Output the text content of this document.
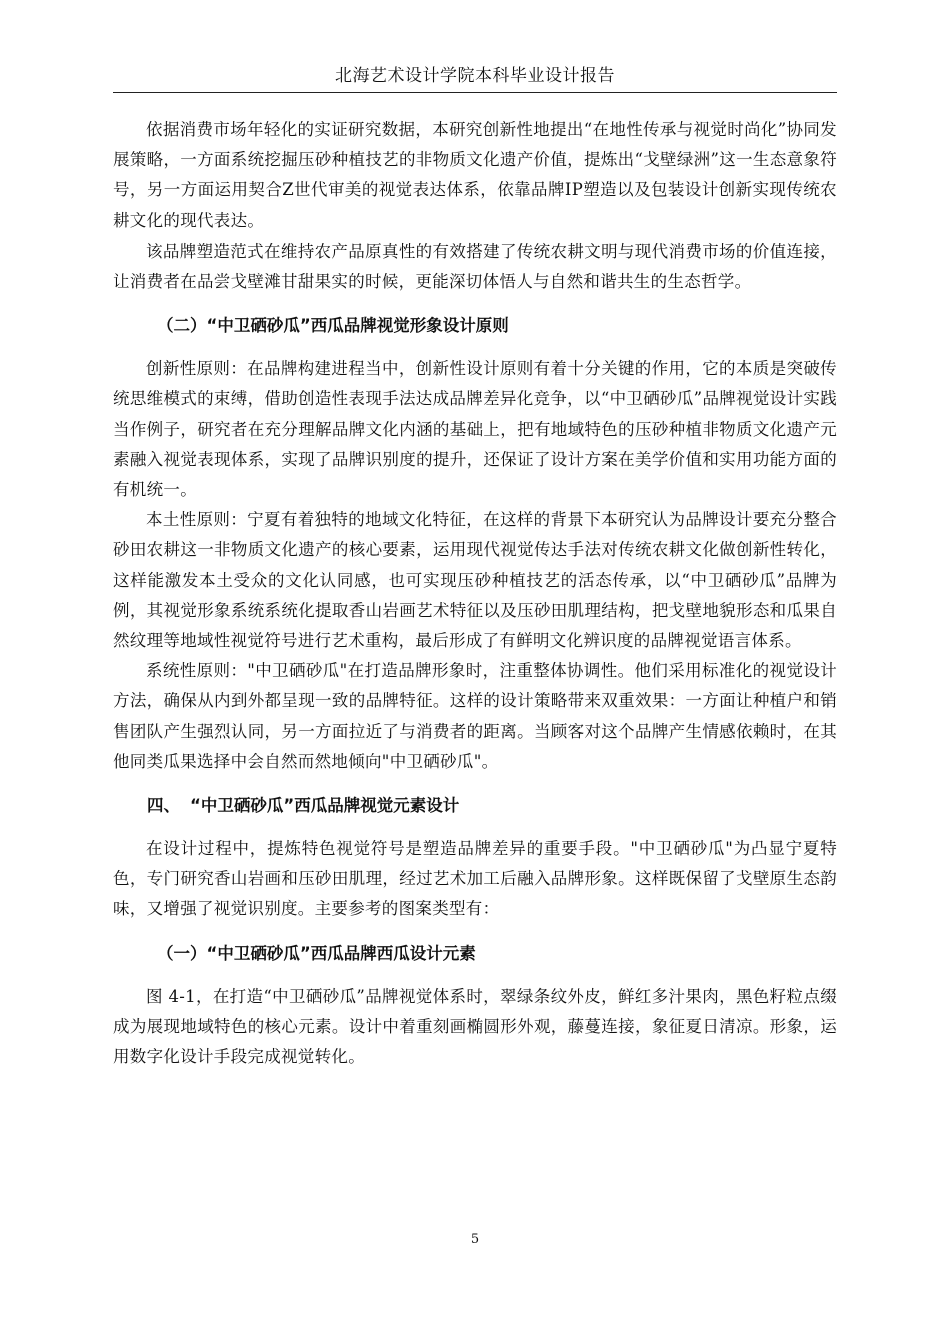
北海艺术设计学院本科毕业设计报告

依据消费市场年轻化的实证研究数据，本研究创新性地提出“在地性传承与视觉时尚化”协同发展策略，一方面系统挖掘压砂种植技艺的非物质文化遗产价值，提炼出“戈壁绿洲”这一生态意象符号，另一方面运用契合Z世代审美的视觉表达体系，依靠品牌IP塑造以及包装设计创新实现传统农耕文化的现代表达。

该品牌塑造范式在维持农产品原真性的有效搭建了传统农耕文明与现代消费市场的价值连接，让消费者在品尝戈壁滩甘甜果实的时候，更能深切体悟人与自然和谐共生的生态哲学。

（二）“中卫硒砂瓜”西瓜品牌视觉形象设计原则

创新性原则：在品牌构建进程当中，创新性设计原则有着十分关键的作用，它的本质是突破传统思维模式的束缚，借助创造性表现手法达成品牌差异化竞争，以“中卫硒砂瓜”品牌视觉设计实践当作例子，研究者在充分理解品牌文化内涵的基础上，把有地域特色的压砂种植非物质文化遗产元素融入视觉表现体系，实现了品牌识别度的提升，还保证了设计方案在美学价值和实用功能方面的有机统一。

本土性原则：宁夏有着独特的地域文化特征，在这样的背景下本研究认为品牌设计要充分整合砂田农耕这一非物质文化遗产的核心要素，运用现代视觉传达手法对传统农耕文化做创新性转化，这样能激发本土受众的文化认同感，也可实现压砂种植技艺的活态传承，以“中卫硒砂瓜”品牌为例，其视觉形象系统系统化提取香山岩画艺术特征以及压砂田肌理结构，把戈壁地貌形态和瓜果自然纹理等地域性视觉符号进行艺术重构，最后形成了有鲜明文化辨识度的品牌视觉语言体系。

系统性原则："中卫硒砂瓜"在打造品牌形象时，注重整体协调性。他们采用标准化的视觉设计方法，确保从内到外都呈现一致的品牌特征。这样的设计策略带来双重效果：一方面让种植户和销售团队产生强烈认同，另一方面拉近了与消费者的距离。当顾客对这个品牌产生情感依赖时，在其他同类瓜果选择中会自然而然地倾向"中卫硒砂瓜"。

四、 “中卫硒砂瓜”西瓜品牌视觉元素设计

在设计过程中，提炼特色视觉符号是塑造品牌差异的重要手段。"中卫硒砂瓜"为凸显宁夏特色，专门研究香山岩画和压砂田肌理，经过艺术加工后融入品牌形象。这样既保留了戈壁原生态韵味，又增强了视觉识别度。主要参考的图案类型有：

（一）“中卫硒砂瓜”西瓜品牌西瓜设计元素

图 4-1，在打造“中卫硒砂瓜”品牌视觉体系时，翠绿条纹外皮，鲜红多汁果肉，黑色籽粒点缀成为展现地域特色的核心元素。设计中着重刻画椭圆形外观，藤蔓连接，象征夏日清凉。形象，运用数字化设计手段完成视觉转化。

5
